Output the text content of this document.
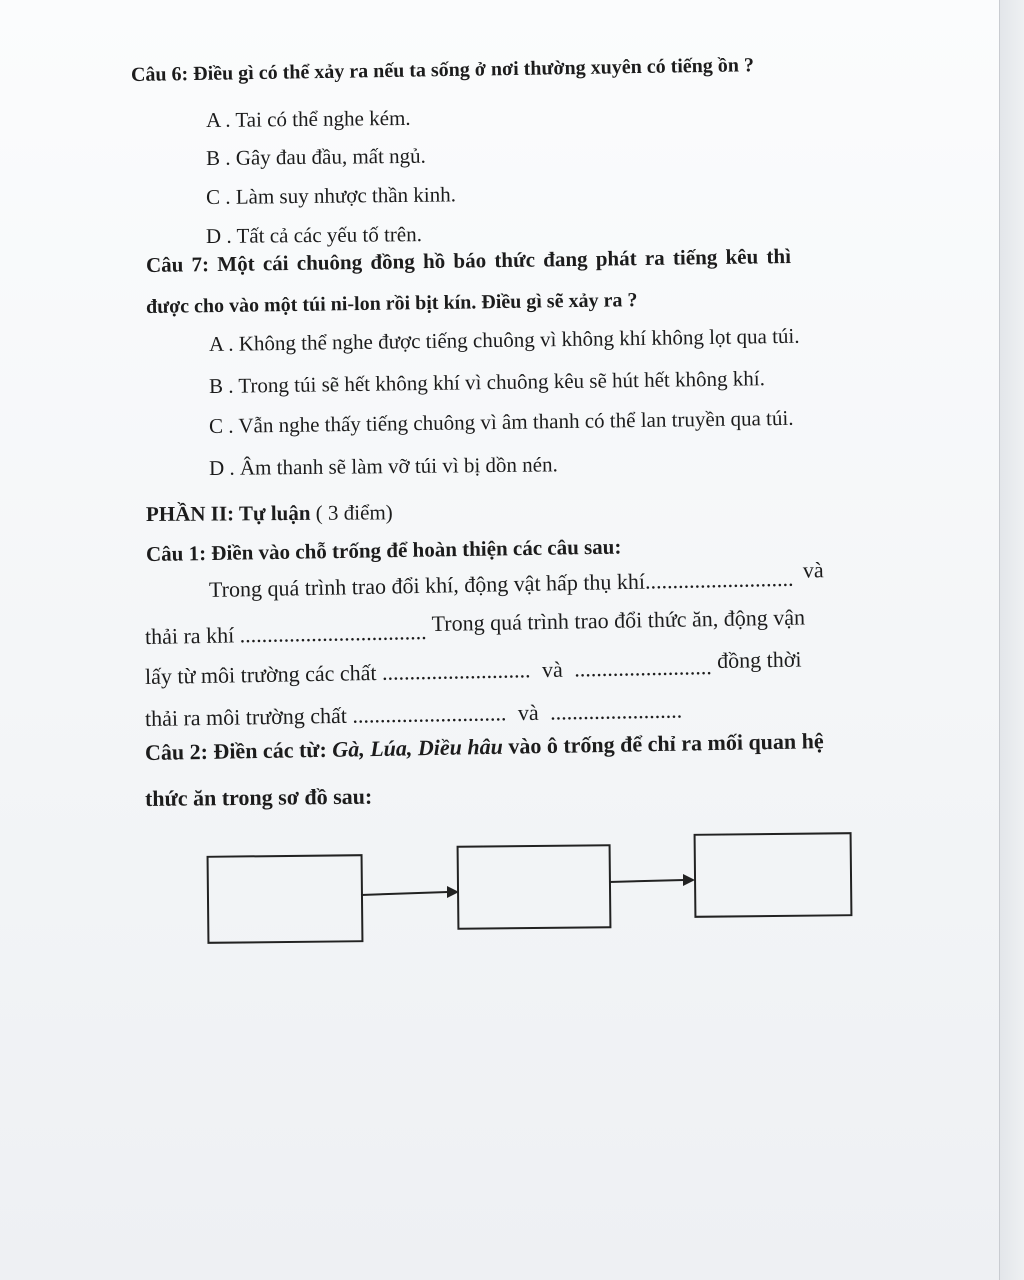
Câu 6: Điều gì có thể xảy ra nếu ta sống ở nơi thường xuyên có tiếng ồn ?
A . Tai có thể nghe kém.
B . Gây đau đầu, mất ngủ.
C . Làm suy nhược thần kinh.
D . Tất cả các yếu tố trên.
Câu 7: Một cái chuông đồng hồ báo thức đang phát ra tiếng kêu thì
được cho vào một túi ni-lon rồi bịt kín. Điều gì sẽ xảy ra ?
A . Không thể nghe được tiếng chuông vì không khí không lọt qua túi.
B . Trong túi sẽ hết không khí vì chuông kêu sẽ hút hết không khí.
C . Vẫn nghe thấy tiếng chuông vì âm thanh có thể lan truyền qua túi.
D . Âm thanh sẽ làm vỡ túi vì bị dồn nén.
PHẦN II: Tự luận ( 3 điểm)
Câu 1: Điền vào chỗ trống để hoàn thiện các câu sau:
Trong quá trình trao đổi khí, động vật hấp thụ khí........................... và
thải ra khí .................................. Trong quá trình trao đổi thức ăn, động vận
lấy từ môi trường các chất ........................... và ......................... đồng thời
thải ra môi trường chất ............................ và ........................
Câu 2: Điền các từ: Gà, Lúa, Diều hâu vào ô trống để chỉ ra mối quan hệ
thức ăn trong sơ đồ sau:
